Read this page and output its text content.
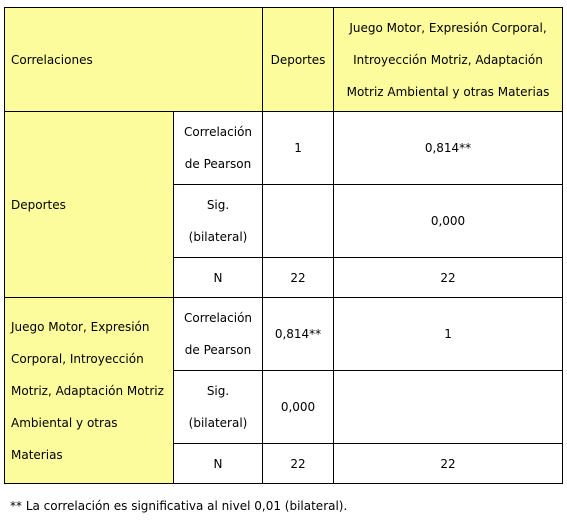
Correlaciones		Deportes	Juego Motor, Expresión Corporal, Introyección Motriz, Adaptación Motriz Ambiental y otras Materias
Deportes	Correlación de Pearson	1	0,814**
	Sig. (bilateral)		0,000
	N	22	22
Juego Motor, Expresión Corporal, Introyección Motriz, Adaptación Motriz Ambiental y otras Materias	Correlación de Pearson	0,814**	1
	Sig. (bilateral)	0,000	
	N	22	22
** La correlación es significativa al nivel 0,01 (bilateral).
